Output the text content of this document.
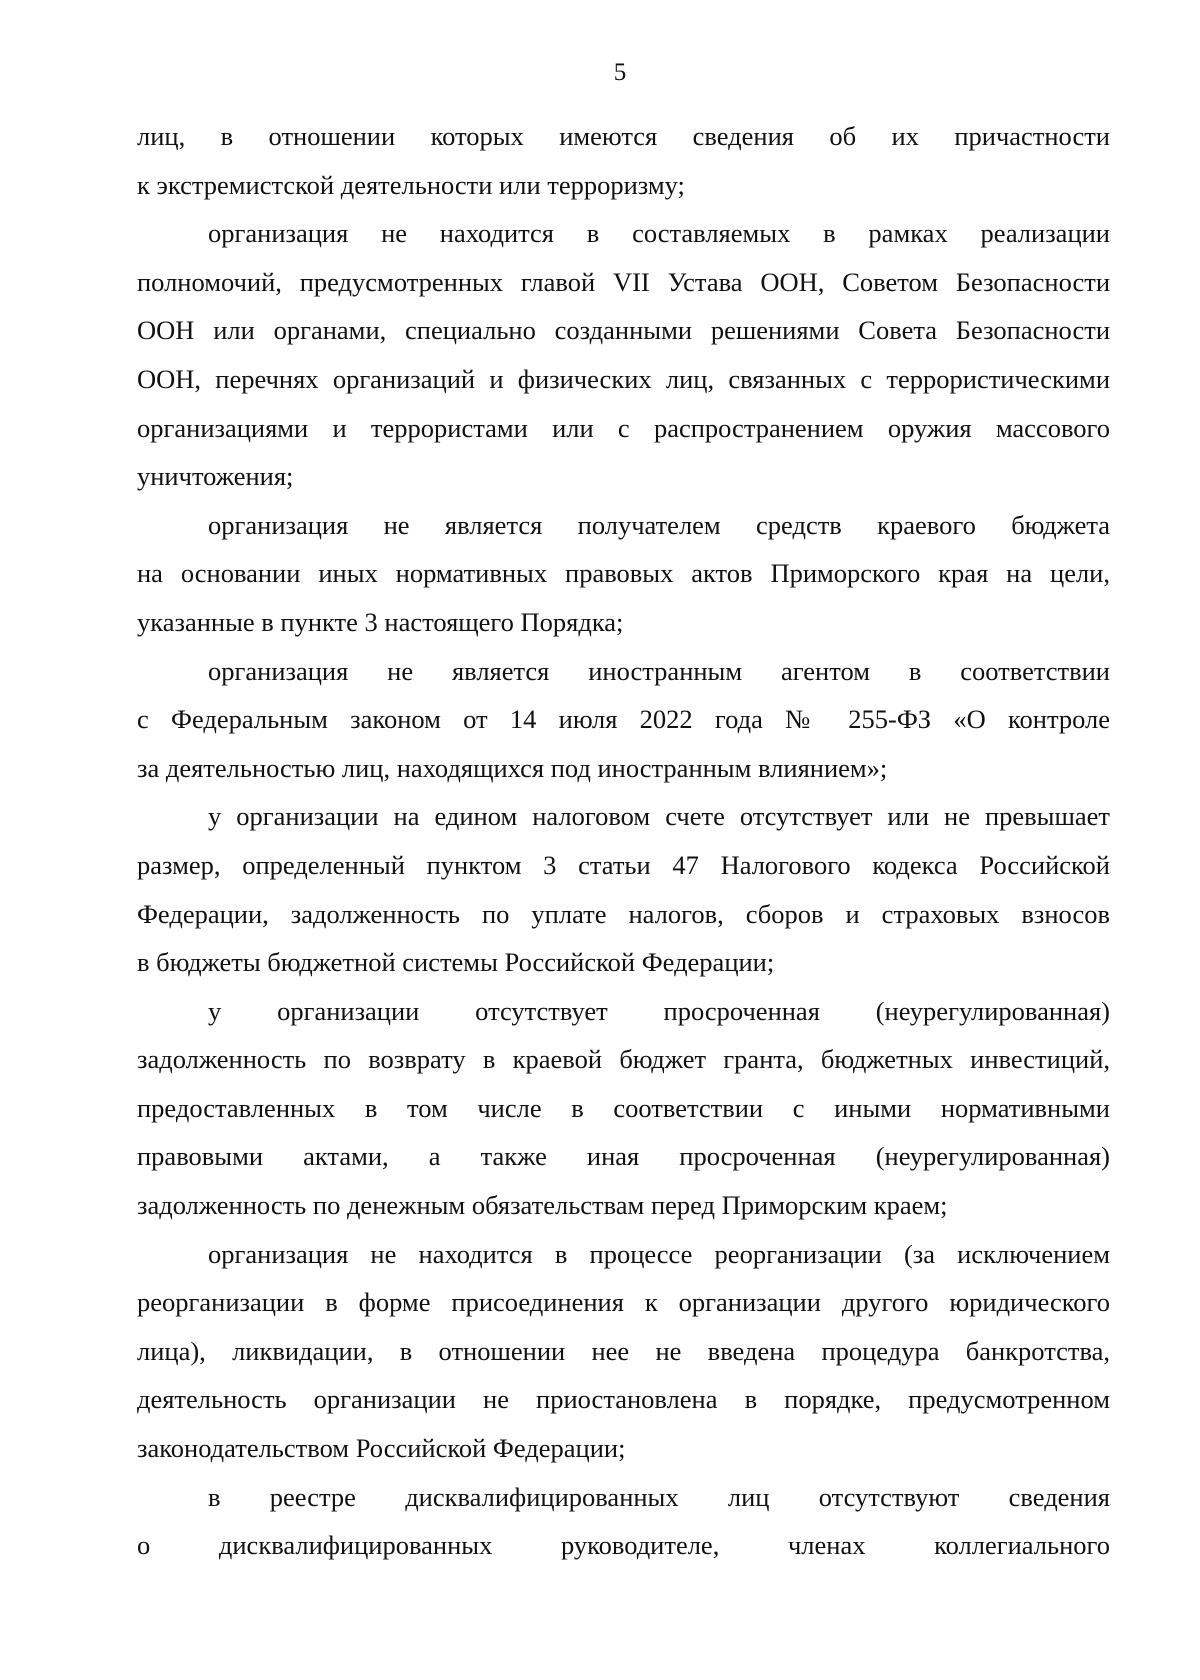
5
лиц, в отношении которых имеются сведения об их причастности
к экстремистской деятельности или терроризму;
организация не находится в составляемых в рамках реализации
полномочий, предусмотренных главой VII Устава ООН, Советом Безопасности
ООН или органами, специально созданными решениями Совета Безопасности
ООН, перечнях организаций и физических лиц, связанных с террористическими
организациями и террористами или с распространением оружия массового
уничтожения;
организация не является получателем средств краевого бюджета
на основании иных нормативных правовых актов Приморского края на цели,
указанные в пункте 3 настоящего Порядка;
организация не является иностранным агентом в соответствии
с Федеральным законом от 14 июля 2022 года № 255-ФЗ «О контроле
за деятельностью лиц, находящихся под иностранным влиянием»;
у организации на едином налоговом счете отсутствует или не превышает
размер, определенный пунктом 3 статьи 47 Налогового кодекса Российской
Федерации, задолженность по уплате налогов, сборов и страховых взносов
в бюджеты бюджетной системы Российской Федерации;
у организации отсутствует просроченная (неурегулированная)
задолженность по возврату в краевой бюджет гранта, бюджетных инвестиций,
предоставленных в том числе в соответствии с иными нормативными
правовыми актами, а также иная просроченная (неурегулированная)
задолженность по денежным обязательствам перед Приморским краем;
организация не находится в процессе реорганизации (за исключением
реорганизации в форме присоединения к организации другого юридического
лица), ликвидации, в отношении нее не введена процедура банкротства,
деятельность организации не приостановлена в порядке, предусмотренном
законодательством Российской Федерации;
в реестре дисквалифицированных лиц отсутствуют сведения
о дисквалифицированных руководителе, членах коллегиального
